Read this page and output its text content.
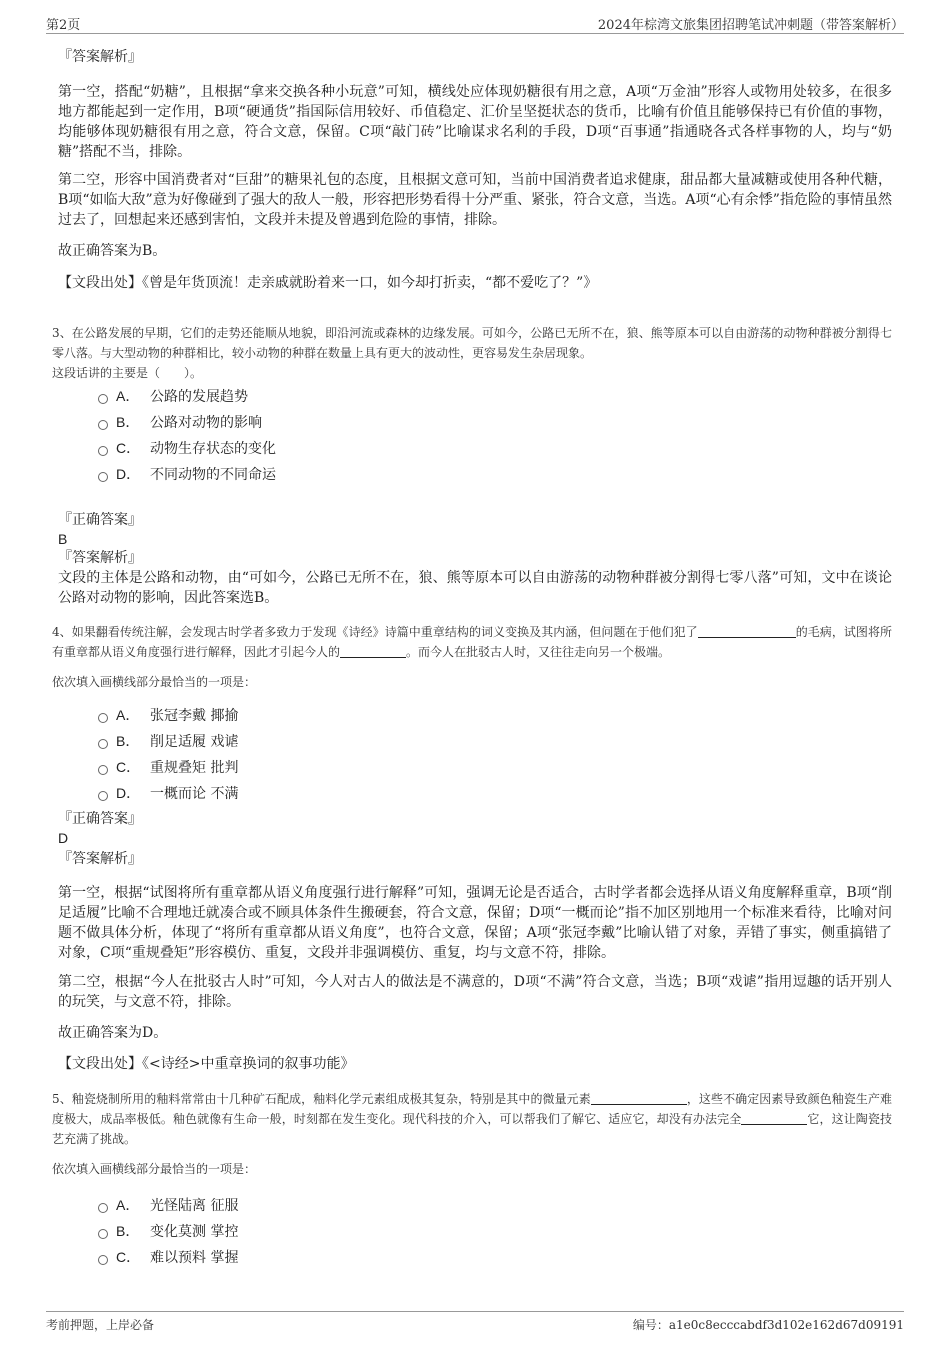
第2页	2024年棕湾文旅集团招聘笔试冲刺题（带答案解析）
『答案解析』
第一空，搭配“奶糖”，且根据“拿来交换各种小玩意”可知，横线处应体现奶糖很有用之意，A项“万金油”形容人或物用处较多，在很多地方都能起到一定作用，B项“硬通货”指国际信用较好、币值稳定、汇价呈坚挺状态的货币，比喻有价值且能够保持已有价值的事物，均能够体现奶糖很有用之意，符合文意，保留。C项“敲门砖”比喻谋求名利的手段，D项“百事通”指通晓各式各样事物的人，均与“奶糖”搭配不当，排除。
第二空，形容中国消费者对“巨甜”的糖果礼包的态度，且根据文意可知，当前中国消费者追求健康，甜品都大量减糖或使用各种代糖，B项“如临大敌”意为好像碰到了强大的敌人一般，形容把形势看得十分严重、紧张，符合文意，当选。A项“心有余悸”指危险的事情虽然过去了，回想起来还感到害怕，文段并未提及曾遇到危险的事情，排除。
故正确答案为B。
【文段出处】《曾是年货顶流！走亲戚就盼着来一口，如今却打折卖，“都不爱吃了？”》
3、在公路发展的早期，它们的走势还能顺从地貌，即沿河流或森林的边缘发展。可如今，公路已无所不在，狼、熊等原本可以自由游荡的动物种群被分割得七零八落。与大型动物的种群相比，较小动物的种群在数量上具有更大的波动性，更容易发生杂居现象。
这段话讲的主要是（　　）。
A． 公路的发展趋势
B． 公路对动物的影响
C． 动物生存状态的变化
D． 不同动物的不同命运
『正确答案』
B
『答案解析』
文段的主体是公路和动物，由“可如今，公路已无所不在，狼、熊等原本可以自由游荡的动物种群被分割得七零八落”可知，文中在谈论公路对动物的影响，因此答案选B。
4、如果翻看传统注解，会发现古时学者多致力于发现《诗经》诗篇中重章结构的词义变换及其内涵，但问题在于他们犯了	的毛病，试图将所有重章都从语义角度强行进行解释，因此才引起今人的	。而今人在批驳古人时，又往往走向另一个极端。
依次填入画横线部分最恰当的一项是：
A． 张冠李戴 揶揄
B． 削足适履 戏谑
C． 重规叠矩 批判
D． 一概而论 不满
『正确答案』
D
『答案解析』
第一空，根据“试图将所有重章都从语义角度强行进行解释”可知，强调无论是否适合，古时学者都会选择从语义角度解释重章，B项“削足适履”比喻不合理地迁就凑合或不顾具体条件生搬硬套，符合文意，保留；D项“一概而论”指不加区别地用一个标准来看待，比喻对问题不做具体分析，体现了“将所有重章都从语义角度”，也符合文意，保留；A项“张冠李戴”比喻认错了对象，弄错了事实，侧重搞错了对象，C项“重规叠矩”形容模仿、重复，文段并非强调模仿、重复，均与文意不符，排除。
第二空，根据“今人在批驳古人时”可知，今人对古人的做法是不满意的，D项“不满”符合文意，当选；B项“戏谑”指用逗趣的话开别人的玩笑，与文意不符，排除。
故正确答案为D。
【文段出处】《<诗经>中重章换词的叙事功能》
5、釉瓷烧制所用的釉料常常由十几种矿石配成，釉料化学元素组成极其复杂，特别是其中的微量元素	，这些不确定因素导致颜色釉瓷生产难度极大，成品率极低。釉色就像有生命一般，时刻都在发生变化。现代科技的介入，可以帮我们了解它、适应它，却没有办法完全	它，这让陶瓷技艺充满了挑战。
依次填入画横线部分最恰当的一项是：
A． 光怪陆离 征服
B． 变化莫测 掌控
C． 难以预料 掌握
考前押题，上岸必备	编号：a1e0c8ecccabdf3d102e162d67d09191
